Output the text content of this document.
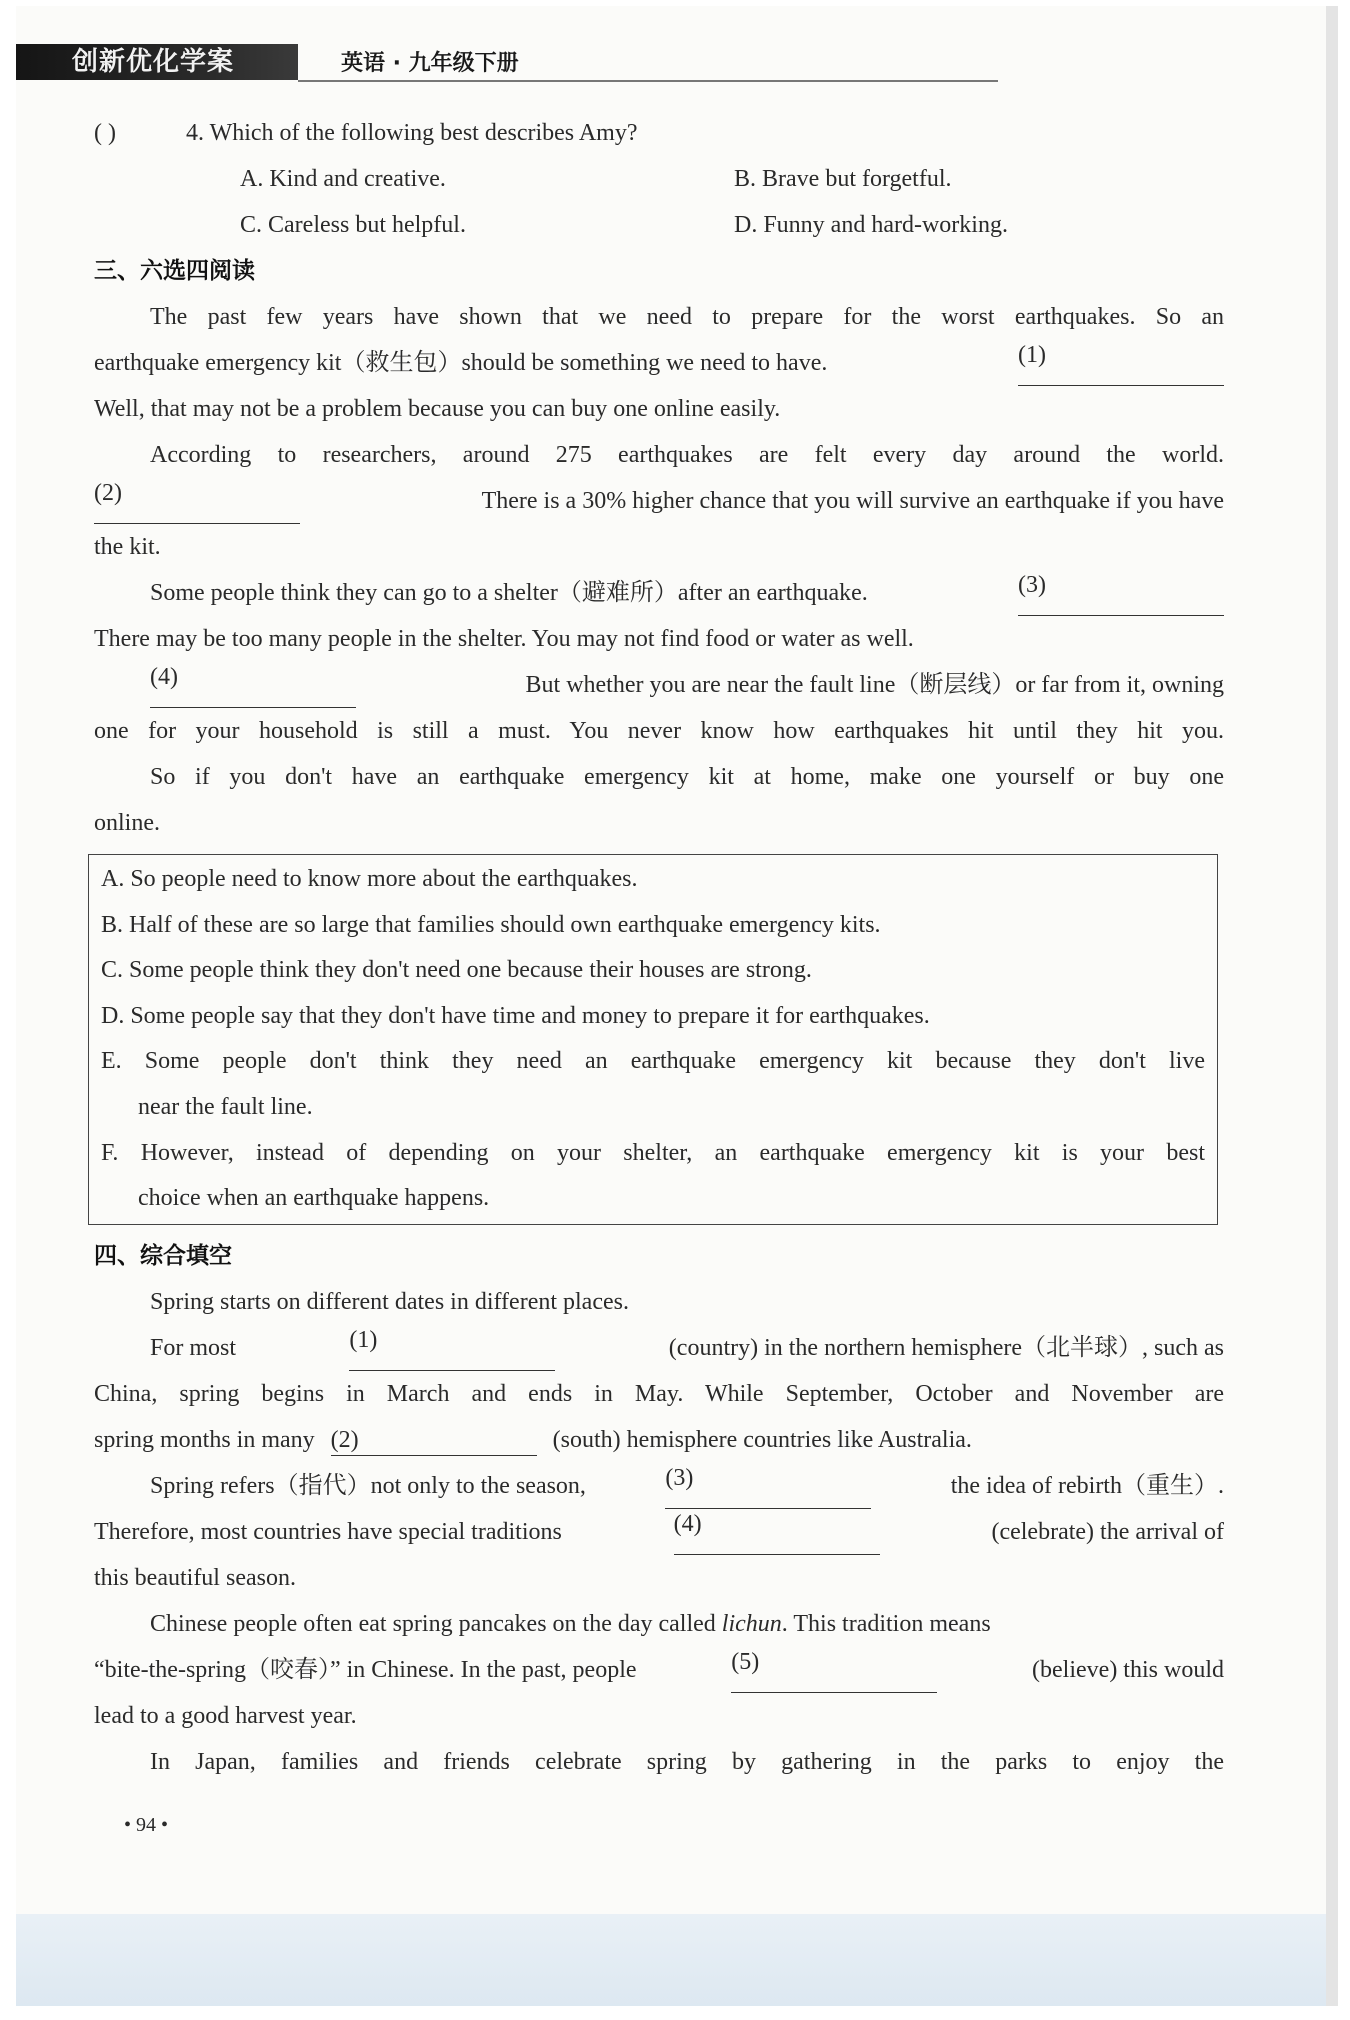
创新优化学案	英语 · 九年级下册
( )	4. Which of the following best describes Amy?
A. Kind and creative.	B. Brave but forgetful.
C. Careless but helpful.	D. Funny and hard-working.
三、六选四阅读
The past few years have shown that we need to prepare for the worst earthquakes. So an
earthquake emergency kit（救生包）should be something we need to have.	(1)
Well, that may not be a problem because you can buy one online easily.
According to researchers, around 275 earthquakes are felt every day around the world.
(2)	There is a 30% higher chance that you will survive an earthquake if you have
the kit.
Some people think they can go to a shelter（避难所）after an earthquake.	(3)
There may be too many people in the shelter. You may not find food or water as well.
(4)	But whether you are near the fault line（断层线）or far from it, owning
one for your household is still a must. You never know how earthquakes hit until they hit you.
So if you don't have an earthquake emergency kit at home, make one yourself or buy one
online.
A. So people need to know more about the earthquakes.
B. Half of these are so large that families should own earthquake emergency kits.
C. Some people think they don't need one because their houses are strong.
D. Some people say that they don't have time and money to prepare it for earthquakes.
E. Some people don't think they need an earthquake emergency kit because they don't live
near the fault line.
F. However, instead of depending on your shelter, an earthquake emergency kit is your best
choice when an earthquake happens.
四、综合填空
Spring starts on different dates in different places.
For most	(1)	(country) in the northern hemisphere（北半球）, such as
China, spring begins in March and ends in May. While September, October and November are
spring months in many (2)	(south) hemisphere countries like Australia.
Spring refers（指代）not only to the season,	(3)	the idea of rebirth（重生）.
Therefore, most countries have special traditions	(4)	(celebrate) the arrival of
this beautiful season.
Chinese people often eat spring pancakes on the day called lichun. This tradition means
“bite-the-spring（咬春）” in Chinese. In the past, people	(5)	(believe) this would
lead to a good harvest year.
In Japan, families and friends celebrate spring by gathering in the parks to enjoy the
• 94 •
